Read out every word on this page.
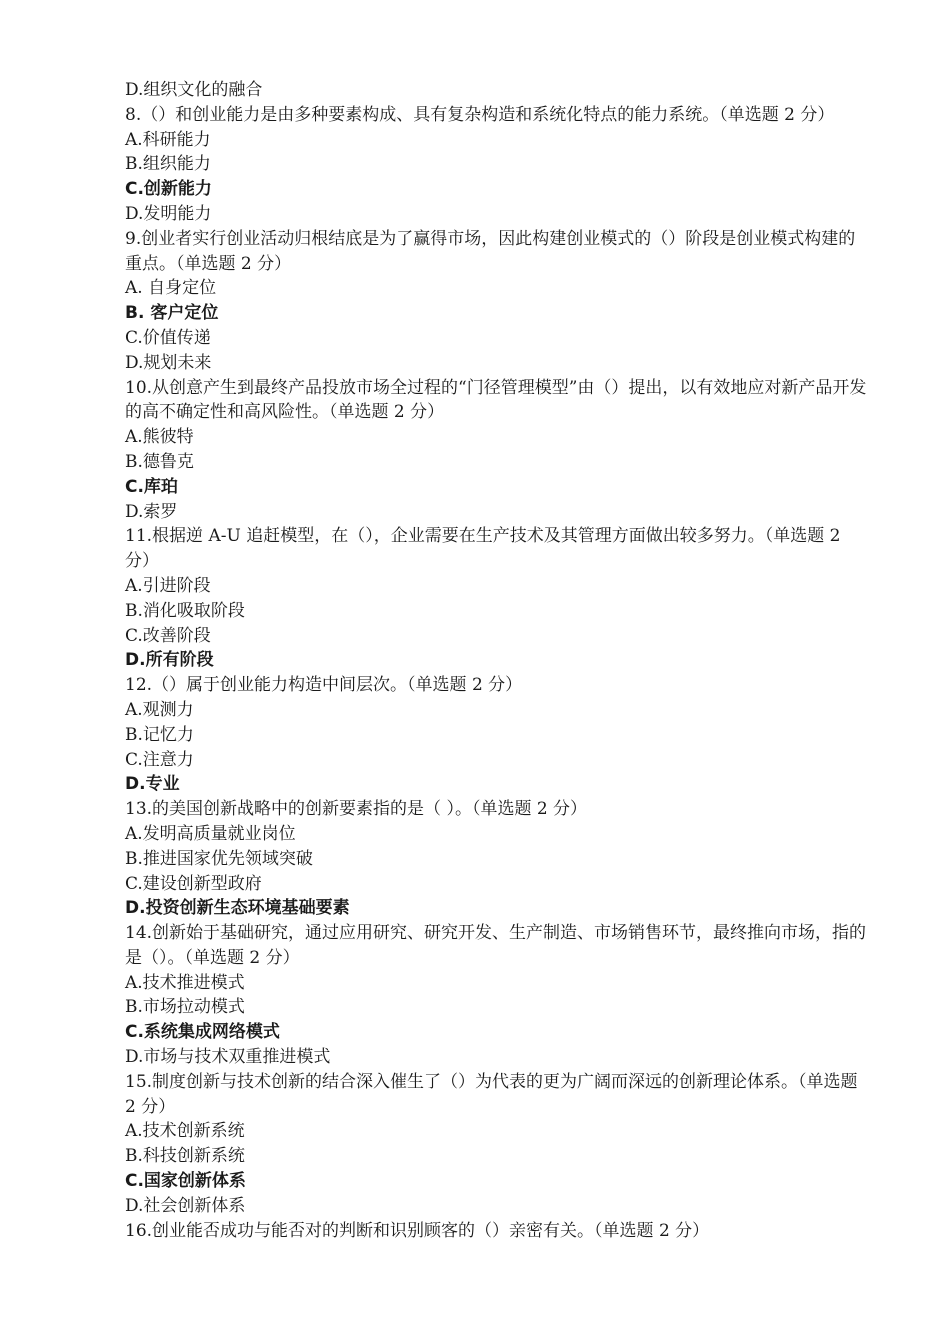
D.组织文化的融合
8.（）和创业能力是由多种要素构成、具有复杂构造和系统化特点的能力系统。（单选题 2 分）
A.科研能力
B.组织能力
C.创新能力
D.发明能力
9.创业者实行创业活动归根结底是为了赢得市场，因此构建创业模式的（）阶段是创业模式构建的重点。（单选题 2 分）
A. 自身定位
B. 客户定位
C.价值传递
D.规划未来
10.从创意产生到最终产品投放市场全过程的“门径管理模型”由（）提出，以有效地应对新产品开发的高不确定性和高风险性。（单选题 2 分）
A.熊彼特
B.德鲁克
C.库珀
D.索罗
11.根据逆 A-U 追赶模型，在（），企业需要在生产技术及其管理方面做出较多努力。（单选题 2 分）
A.引进阶段
B.消化吸取阶段
C.改善阶段
D.所有阶段
12.（）属于创业能力构造中间层次。（单选题 2 分）
A.观测力
B.记忆力
C.注意力
D.专业
13.的美国创新战略中的创新要素指的是（ ）。（单选题 2 分）
A.发明高质量就业岗位
B.推进国家优先领域突破
C.建设创新型政府
D.投资创新生态环境基础要素
14.创新始于基础研究，通过应用研究、研究开发、生产制造、市场销售环节，最终推向市场，指的是（）。（单选题 2 分）
A.技术推进模式
B.市场拉动模式
C.系统集成网络模式
D.市场与技术双重推进模式
15.制度创新与技术创新的结合深入催生了（）为代表的更为广阔而深远的创新理论体系。（单选题 2 分）
A.技术创新系统
B.科技创新系统
C.国家创新体系
D.社会创新体系
16.创业能否成功与能否对的判断和识别顾客的（）亲密有关。（单选题 2 分）
